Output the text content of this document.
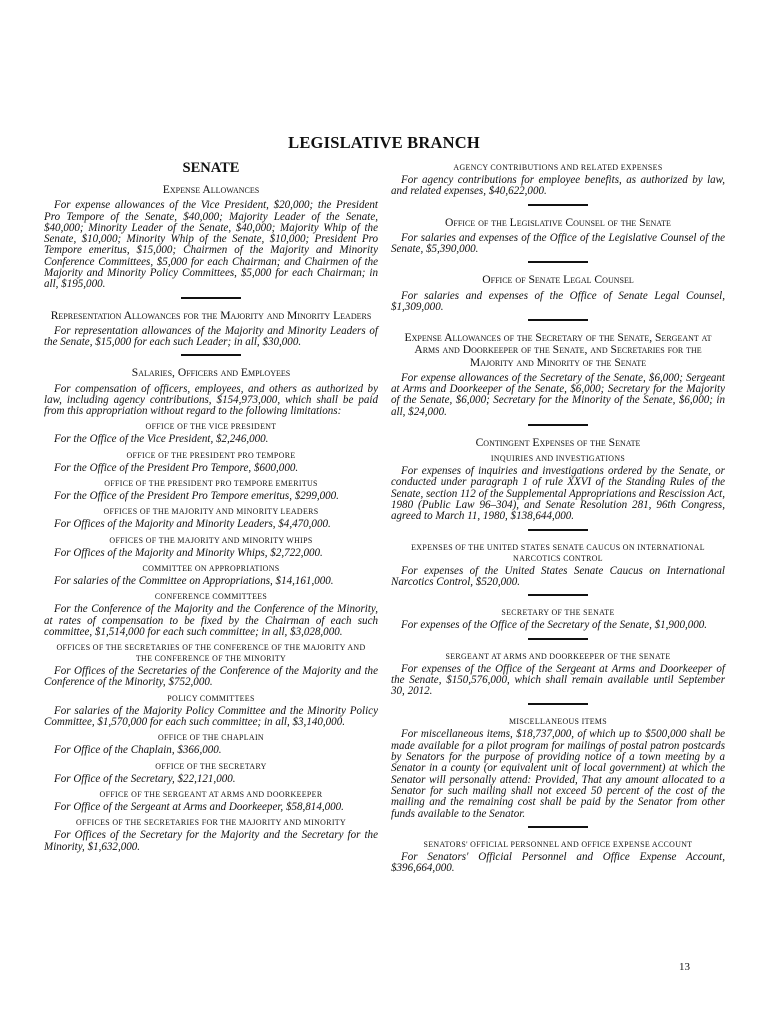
LEGISLATIVE BRANCH
SENATE
Expense Allowances

For expense allowances of the Vice President, $20,000; the President Pro Tempore of the Senate, $40,000; Majority Leader of the Senate, $40,000; Minority Leader of the Senate, $40,000; Majority Whip of the Senate, $10,000; Minority Whip of the Senate, $10,000; President Pro Tempore emeritus, $15,000; Chairmen of the Majority and Minority Conference Committees, $5,000 for each Chairman; and Chairmen of the Majority and Minority Policy Committees, $5,000 for each Chairman; in all, $195,000.

Representation Allowances for the Majority and Minority Leaders

For representation allowances of the Majority and Minority Leaders of the Senate, $15,000 for each such Leader; in all, $30,000.

Salaries, Officers and Employees

For compensation of officers, employees, and others as authorized by law, including agency contributions, $154,973,000, which shall be paid from this appropriation without regard to the following limitations:

OFFICE OF THE VICE PRESIDENT

For the Office of the Vice President, $2,246,000.

OFFICE OF THE PRESIDENT PRO TEMPORE

For the Office of the President Pro Tempore, $600,000.

OFFICE OF THE PRESIDENT PRO TEMPORE EMERITUS

For the Office of the President Pro Tempore emeritus, $299,000.

OFFICES OF THE MAJORITY AND MINORITY LEADERS

For Offices of the Majority and Minority Leaders, $4,470,000.

OFFICES OF THE MAJORITY AND MINORITY WHIPS

For Offices of the Majority and Minority Whips, $2,722,000.

COMMITTEE ON APPROPRIATIONS

For salaries of the Committee on Appropriations, $14,161,000.

CONFERENCE COMMITTEES

For the Conference of the Majority and the Conference of the Minority, at rates of compensation to be fixed by the Chairman of each such committee, $1,514,000 for each such committee; in all, $3,028,000.

OFFICES OF THE SECRETARIES OF THE CONFERENCE OF THE MAJORITY AND THE CONFERENCE OF THE MINORITY

For Offices of the Secretaries of the Conference of the Majority and the Conference of the Minority, $752,000.

POLICY COMMITTEES

For salaries of the Majority Policy Committee and the Minority Policy Committee, $1,570,000 for each such committee; in all, $3,140,000.

OFFICE OF THE CHAPLAIN

For Office of the Chaplain, $366,000.

OFFICE OF THE SECRETARY

For Office of the Secretary, $22,121,000.

OFFICE OF THE SERGEANT AT ARMS AND DOORKEEPER

For Office of the Sergeant at Arms and Doorkeeper, $58,814,000.

OFFICES OF THE SECRETARIES FOR THE MAJORITY AND MINORITY

For Offices of the Secretary for the Majority and the Secretary for the Minority, $1,632,000.

AGENCY CONTRIBUTIONS AND RELATED EXPENSES

For agency contributions for employee benefits, as authorized by law, and related expenses, $40,622,000.

Office of the Legislative Counsel of the Senate

For salaries and expenses of the Office of the Legislative Counsel of the Senate, $5,390,000.

Office of Senate Legal Counsel

For salaries and expenses of the Office of Senate Legal Counsel, $1,309,000.

Expense Allowances of the Secretary of the Senate, Sergeant at Arms and Doorkeeper of the Senate, and Secretaries for the Majority and Minority of the Senate

For expense allowances of the Secretary of the Senate, $6,000; Sergeant at Arms and Doorkeeper of the Senate, $6,000; Secretary for the Majority of the Senate, $6,000; Secretary for the Minority of the Senate, $6,000; in all, $24,000.

Contingent Expenses of the Senate
INQUIRIES AND INVESTIGATIONS

For expenses of inquiries and investigations ordered by the Senate, or conducted under paragraph 1 of rule XXVI of the Standing Rules of the Senate, section 112 of the Supplemental Appropriations and Rescission Act, 1980 (Public Law 96–304), and Senate Resolution 281, 96th Congress, agreed to March 11, 1980, $138,644,000.

EXPENSES OF THE UNITED STATES SENATE CAUCUS ON INTERNATIONAL NARCOTICS CONTROL

For expenses of the United States Senate Caucus on International Narcotics Control, $520,000.

SECRETARY OF THE SENATE

For expenses of the Office of the Secretary of the Senate, $1,900,000.

SERGEANT AT ARMS AND DOORKEEPER OF THE SENATE

For expenses of the Office of the Sergeant at Arms and Doorkeeper of the Senate, $150,576,000, which shall remain available until September 30, 2012.

MISCELLANEOUS ITEMS

For miscellaneous items, $18,737,000, of which up to $500,000 shall be made available for a pilot program for mailings of postal patron postcards by Senators for the purpose of providing notice of a town meeting by a Senator in a county (or equivalent unit of local government) at which the Senator will personally attend: Provided, That any amount allocated to a Senator for such mailing shall not exceed 50 percent of the cost of the mailing and the remaining cost shall be paid by the Senator from other funds available to the Senator.

SENATORS' OFFICIAL PERSONNEL AND OFFICE EXPENSE ACCOUNT

For Senators' Official Personnel and Office Expense Account, $396,664,000.

13
